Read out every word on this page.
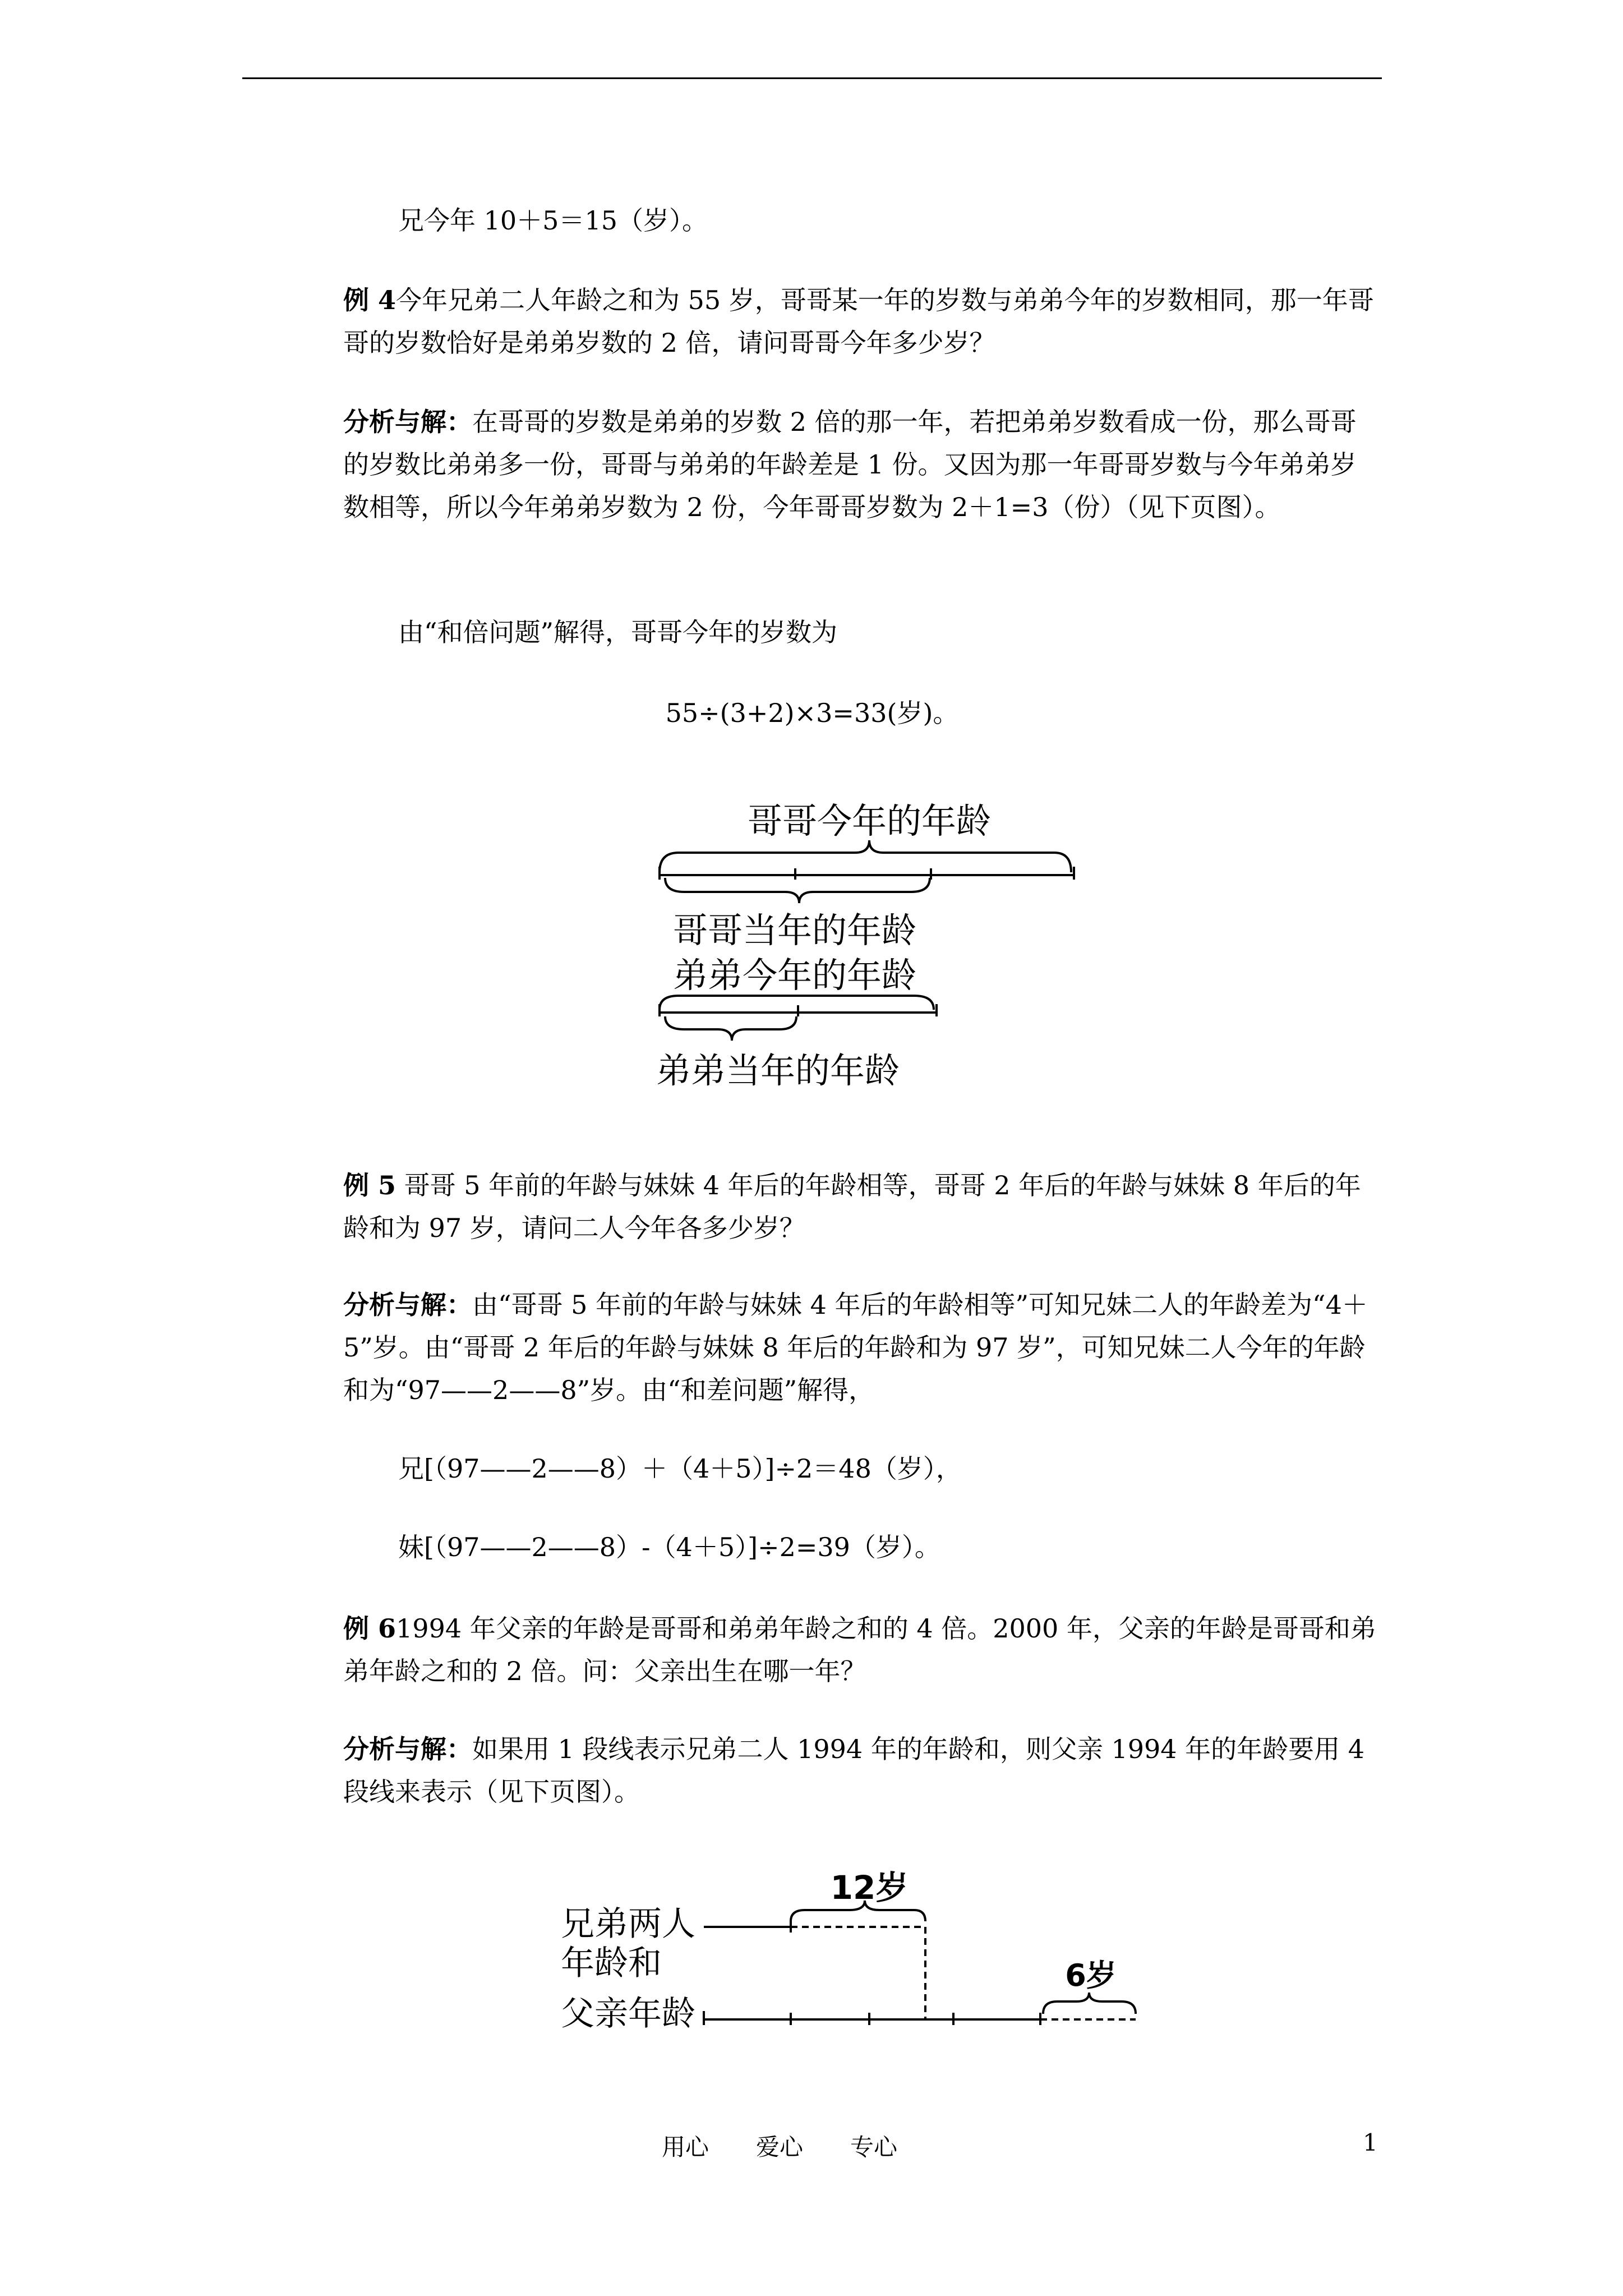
兄今年 10＋5＝15（岁）。
例 4今年兄弟二人年龄之和为 55 岁，哥哥某一年的岁数与弟弟今年的岁数相同，那一年哥哥的岁数恰好是弟弟岁数的 2 倍，请问哥哥今年多少岁？
分析与解：在哥哥的岁数是弟弟的岁数 2 倍的那一年，若把弟弟岁数看成一份，那么哥哥的岁数比弟弟多一份，哥哥与弟弟的年龄差是 1 份。又因为那一年哥哥岁数与今年弟弟岁数相等，所以今年弟弟岁数为 2 份，今年哥哥岁数为 2＋1=3（份）（见下页图）。
由“和倍问题”解得，哥哥今年的岁数为
55÷(3+2)×3=33(岁)。
哥哥今年的年龄
哥哥当年的年龄
弟弟今年的年龄
弟弟当年的年龄
例 5 哥哥 5 年前的年龄与妹妹 4 年后的年龄相等，哥哥 2 年后的年龄与妹妹 8 年后的年龄和为 97 岁，请问二人今年各多少岁？
分析与解：由“哥哥 5 年前的年龄与妹妹 4 年后的年龄相等”可知兄妹二人的年龄差为“4＋5”岁。由“哥哥 2 年后的年龄与妹妹 8 年后的年龄和为 97 岁”，可知兄妹二人今年的年龄和为“97——2——8”岁。由“和差问题”解得，
兄[（97——2——8）＋（4＋5）]÷2＝48（岁），
妹[（97——2——8）-（4＋5）]÷2=39（岁）。
例 61994 年父亲的年龄是哥哥和弟弟年龄之和的 4 倍。2000 年，父亲的年龄是哥哥和弟弟年龄之和的 2 倍。问：父亲出生在哪一年？
分析与解：如果用 1 段线表示兄弟二人 1994 年的年龄和，则父亲 1994 年的年龄要用 4 段线来表示（见下页图）。
12岁
兄弟两人
年龄和
父亲年龄
6岁
用心　　爱心　　专心	1
